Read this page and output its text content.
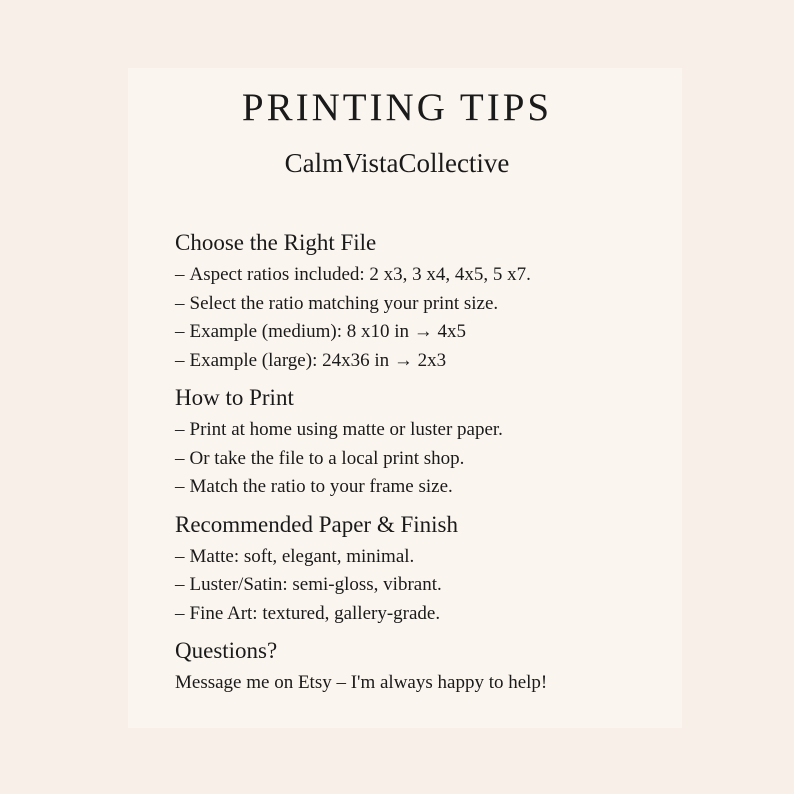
PRINTING TIPS
CalmVistaCollective

Choose the Right File

– Aspect ratios included: 2 x3, 3 x4, 4x5, 5 x7.

– Select the ratio matching your print size.

– Example (medium): 8 x10 in → 4x5

– Example (large): 24x36 in → 2x3

How to Print

– Print at home using matte or luster paper.

– Or take the file to a local print shop.

– Match the ratio to your frame size.

Recommended Paper & Finish

– Matte: soft, elegant, minimal.

– Luster/Satin: semi-gloss, vibrant.

– Fine Art: textured, gallery-grade.

Questions?

Message me on Etsy – I'm always happy to help!
